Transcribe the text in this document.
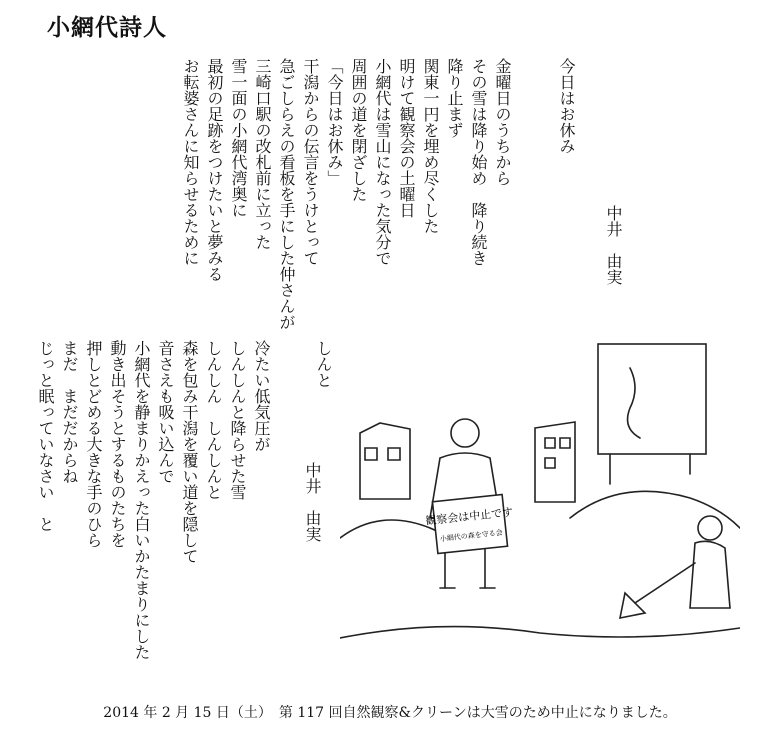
小網代詩人
今日はお休み
金曜日のうちから
その雪は降り始め　降り続き
降り止まず
関東一円を埋め尽くした
明けて観察会の土曜日
小網代は雪山になった気分で
周囲の道を閉ざした
「今日はお休み」
干潟からの伝言をうけとって
急ごしらえの看板を手にした仲さんが
三崎口駅の改札前に立った
雪一面の小網代湾奥に
最初の足跡をつけたいと夢みる
お転婆さんに知らせるために	中井　由実
しんと
冷たい低気圧が
しんしんと降らせた雪
しんしん　しんしんと
森を包み干潟を覆い道を隠して
音さえも吸い込んで
小網代を静まりかえった白いかたまりにした
動き出そうとするものたちを
押しとどめる大きな手のひら
まだ　まだだからね
じっと眠っていなさい　と	中井　由実	観察会は中止です
小網代の森を守る会
2014 年 2 月 15 日（土）　第 117 回自然観察&クリーンは大雪のため中止になりました。
